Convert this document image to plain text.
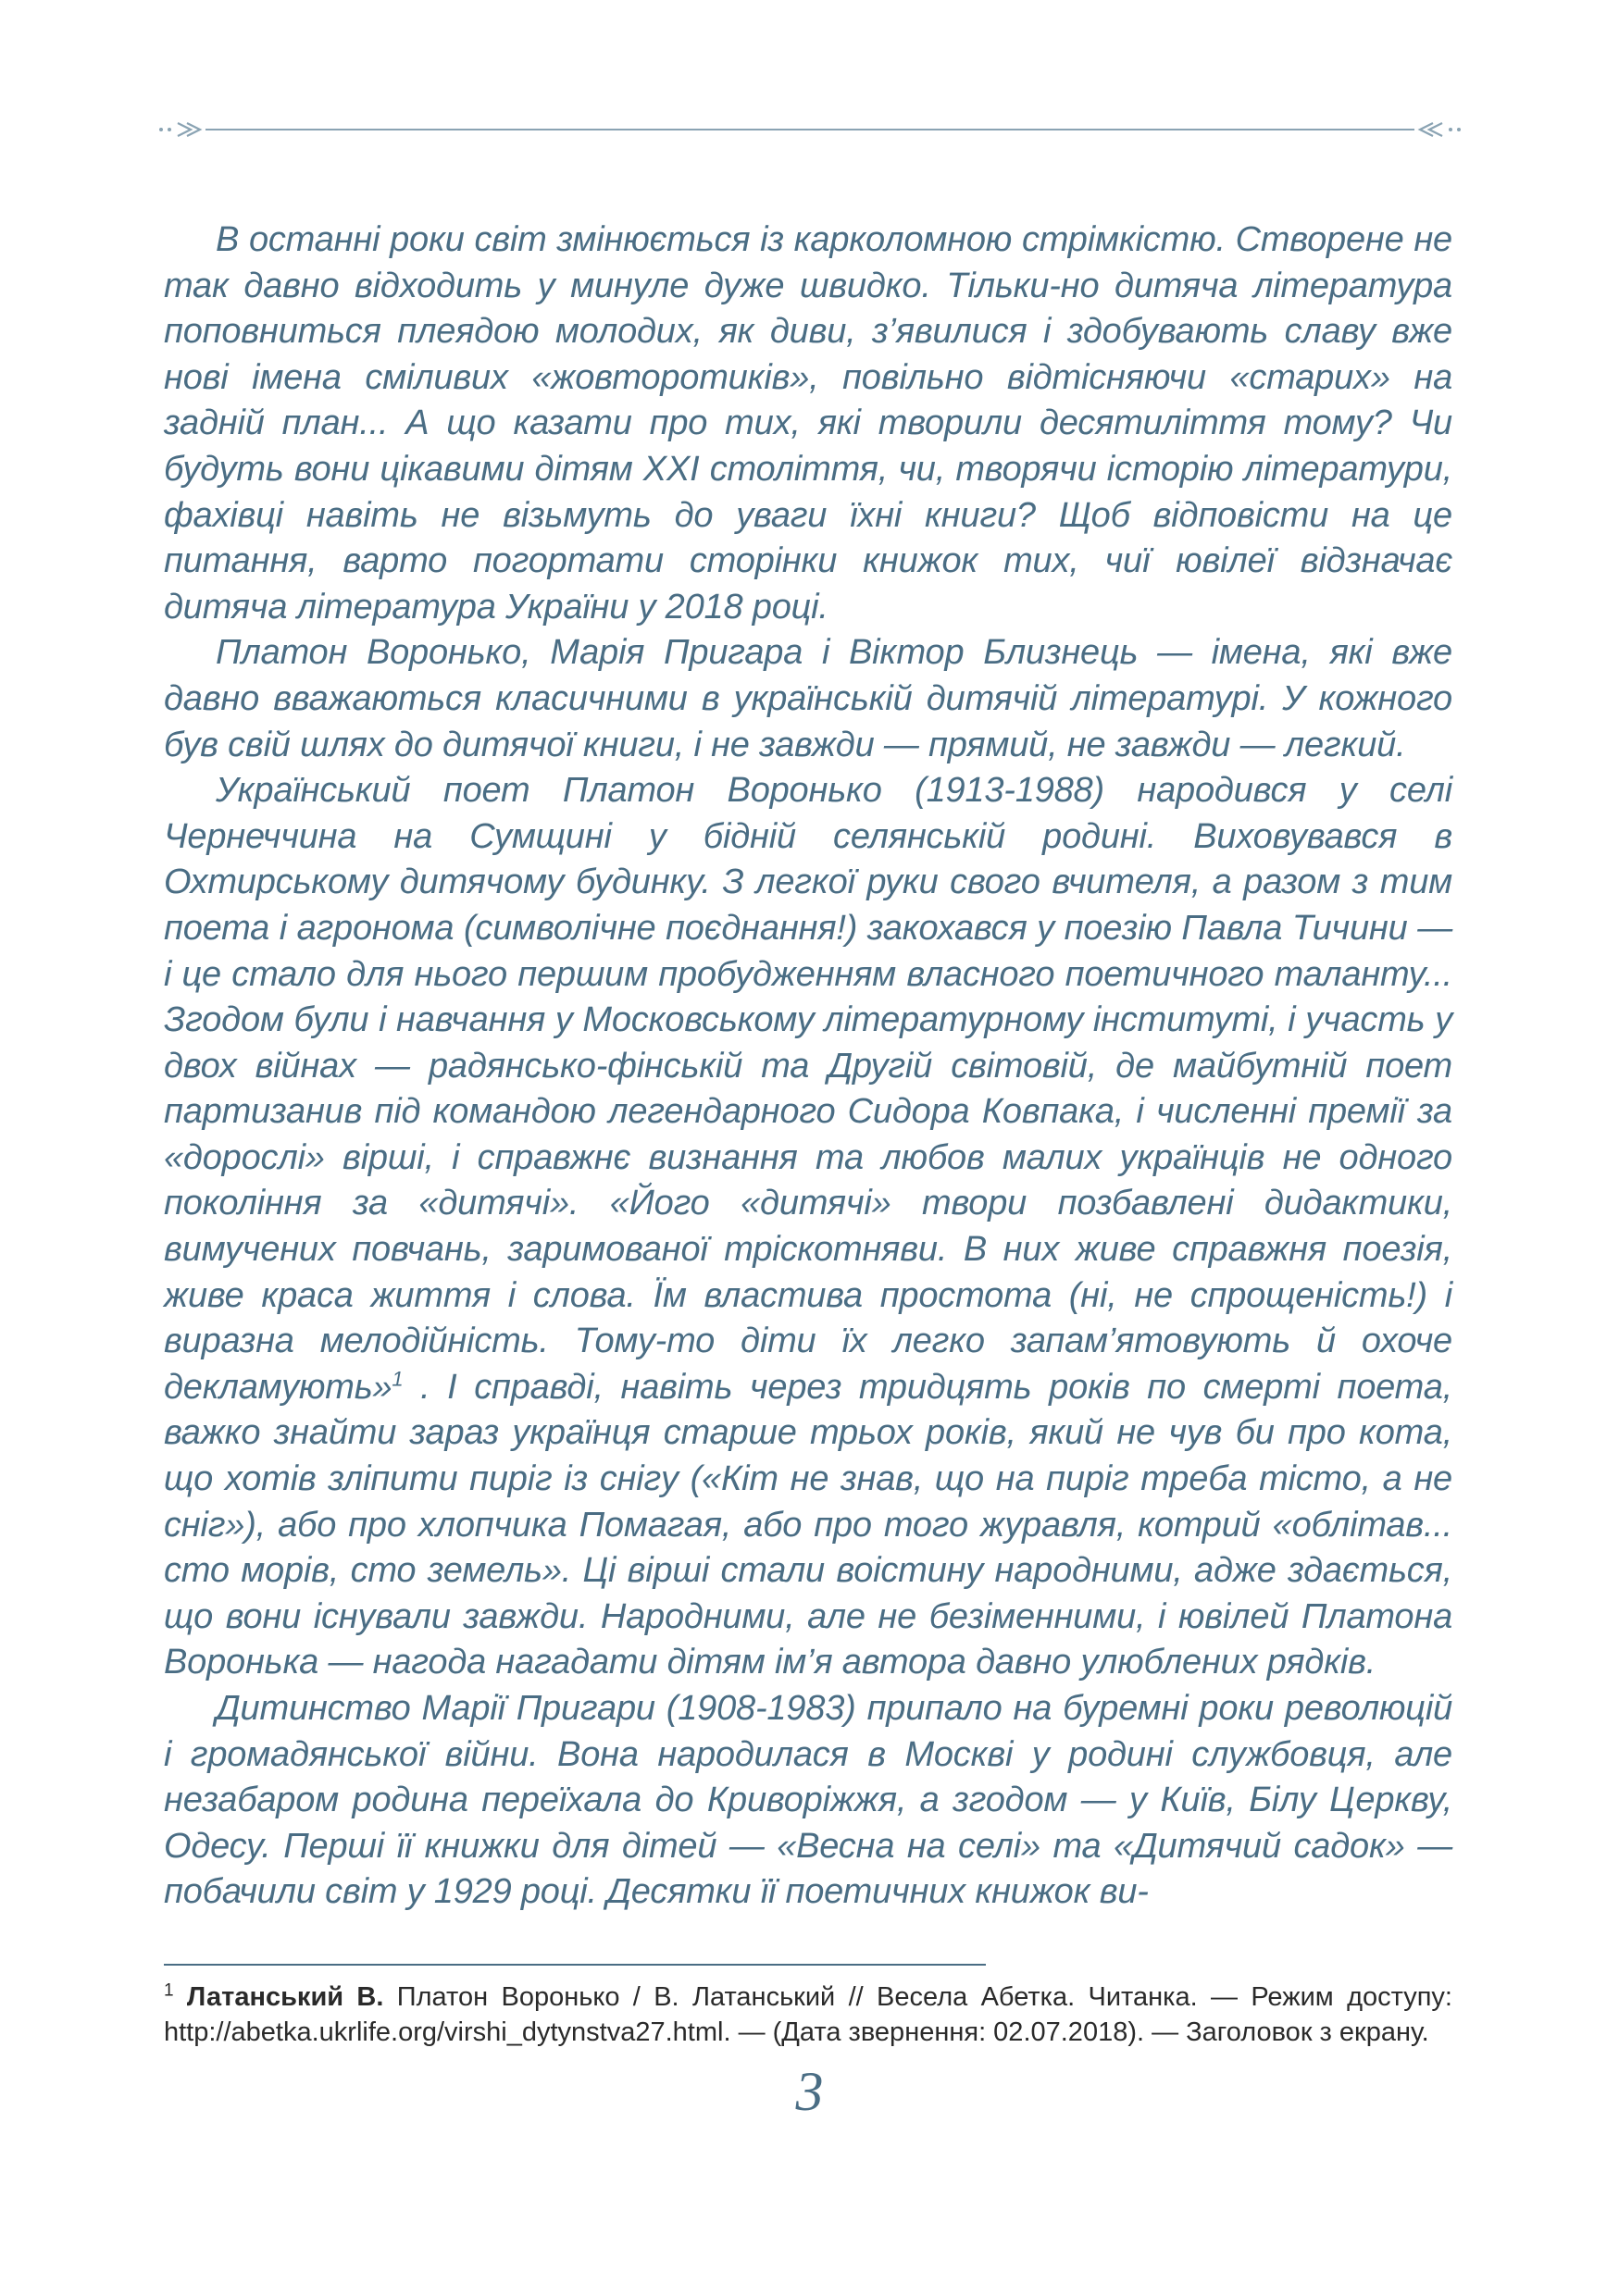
В останні роки світ змінюється із карколомною стрімкістю. Створене не так давно відходить у минуле дуже швидко. Тільки-но дитяча література поповниться плеядою молодих, як диви, з’явилися і здобувають славу вже нові імена сміливих «жовторотиків», повільно відтісняючи «старих» на задній план... А що казати про тих, які творили десятиліття тому? Чи будуть вони цікавими дітям XXI століття, чи, творячи історію літератури, фахівці навіть не візьмуть до уваги їхні книги? Щоб відповісти на це питання, варто погортати сторінки книжок тих, чиї ювілеї відзначає дитяча література України у 2018 році.

Платон Воронько, Марія Пригара і Віктор Близнець — імена, які вже давно вважаються класичними в українській дитячій літературі. У кожного був свій шлях до дитячої книги, і не завжди — прямий, не завжди — легкий.

Український поет Платон Воронько (1913-1988) народився у селі Чернеччина на Сумщині у бідній селянській родині. Виховувався в Охтирському дитячому будинку. З легкої руки свого вчителя, а разом з тим поета і агронома (символічне поєднання!) закохався у поезію Павла Тичини — і це стало для нього першим пробудженням власного поетичного таланту... Згодом були і навчання у Московському літературному інституті, і участь у двох війнах — радянсько-фінській та Другій світовій, де майбутній поет партизанив під командою легендарного Сидора Ковпака, і численні премії за «дорослі» вірші, і справжнє визнання та любов малих українців не одного покоління за «дитячі». «Його «дитячі» твори позбавлені дидактики, вимучених повчань, заримованої тріскотняви. В них живе справжня поезія, живе краса життя і слова. Їм властива простота (ні, не спрощеність!) і виразна мелодійність. Тому-то діти їх легко запам’ятовують й охоче декламують»$^1$ . І справді, навіть через тридцять років по смерті поета, важко знайти зараз українця старше трьох років, який не чув би про кота, що хотів зліпити пиріг із снігу («Кіт не знав, що на пиріг треба тісто, а не сніг»), або про хлопчика Помагая, або про того журавля, котрий «облітав... сто морів, сто земель». Ці вірші стали воістину народними, адже здається, що вони існували завжди. Народними, але не безіменними, і ювілей Платона Воронька — нагода нагадати дітям ім’я автора давно улюблених рядків.

Дитинство Марії Пригари (1908-1983) припало на буремні роки революцій і громадянської війни. Вона народилася в Москві у родині службовця, але незабаром родина переїхала до Криворіжжя, а згодом — у Київ, Білу Церкву, Одесу. Перші її книжки для дітей — «Весна на селі» та «Дитячий садок» — побачили світ у 1929 році. Десятки її поетичних книжок ви-

$^1$ Латанський В. Платон Воронько / В. Латанський // Весела Абетка. Читанка. — Режим доступу: http://abetka.ukrlife.org/virshi_dytynstva27.html. — (Дата звернення: 02.07.2018). — Заголовок з екрану.

3
